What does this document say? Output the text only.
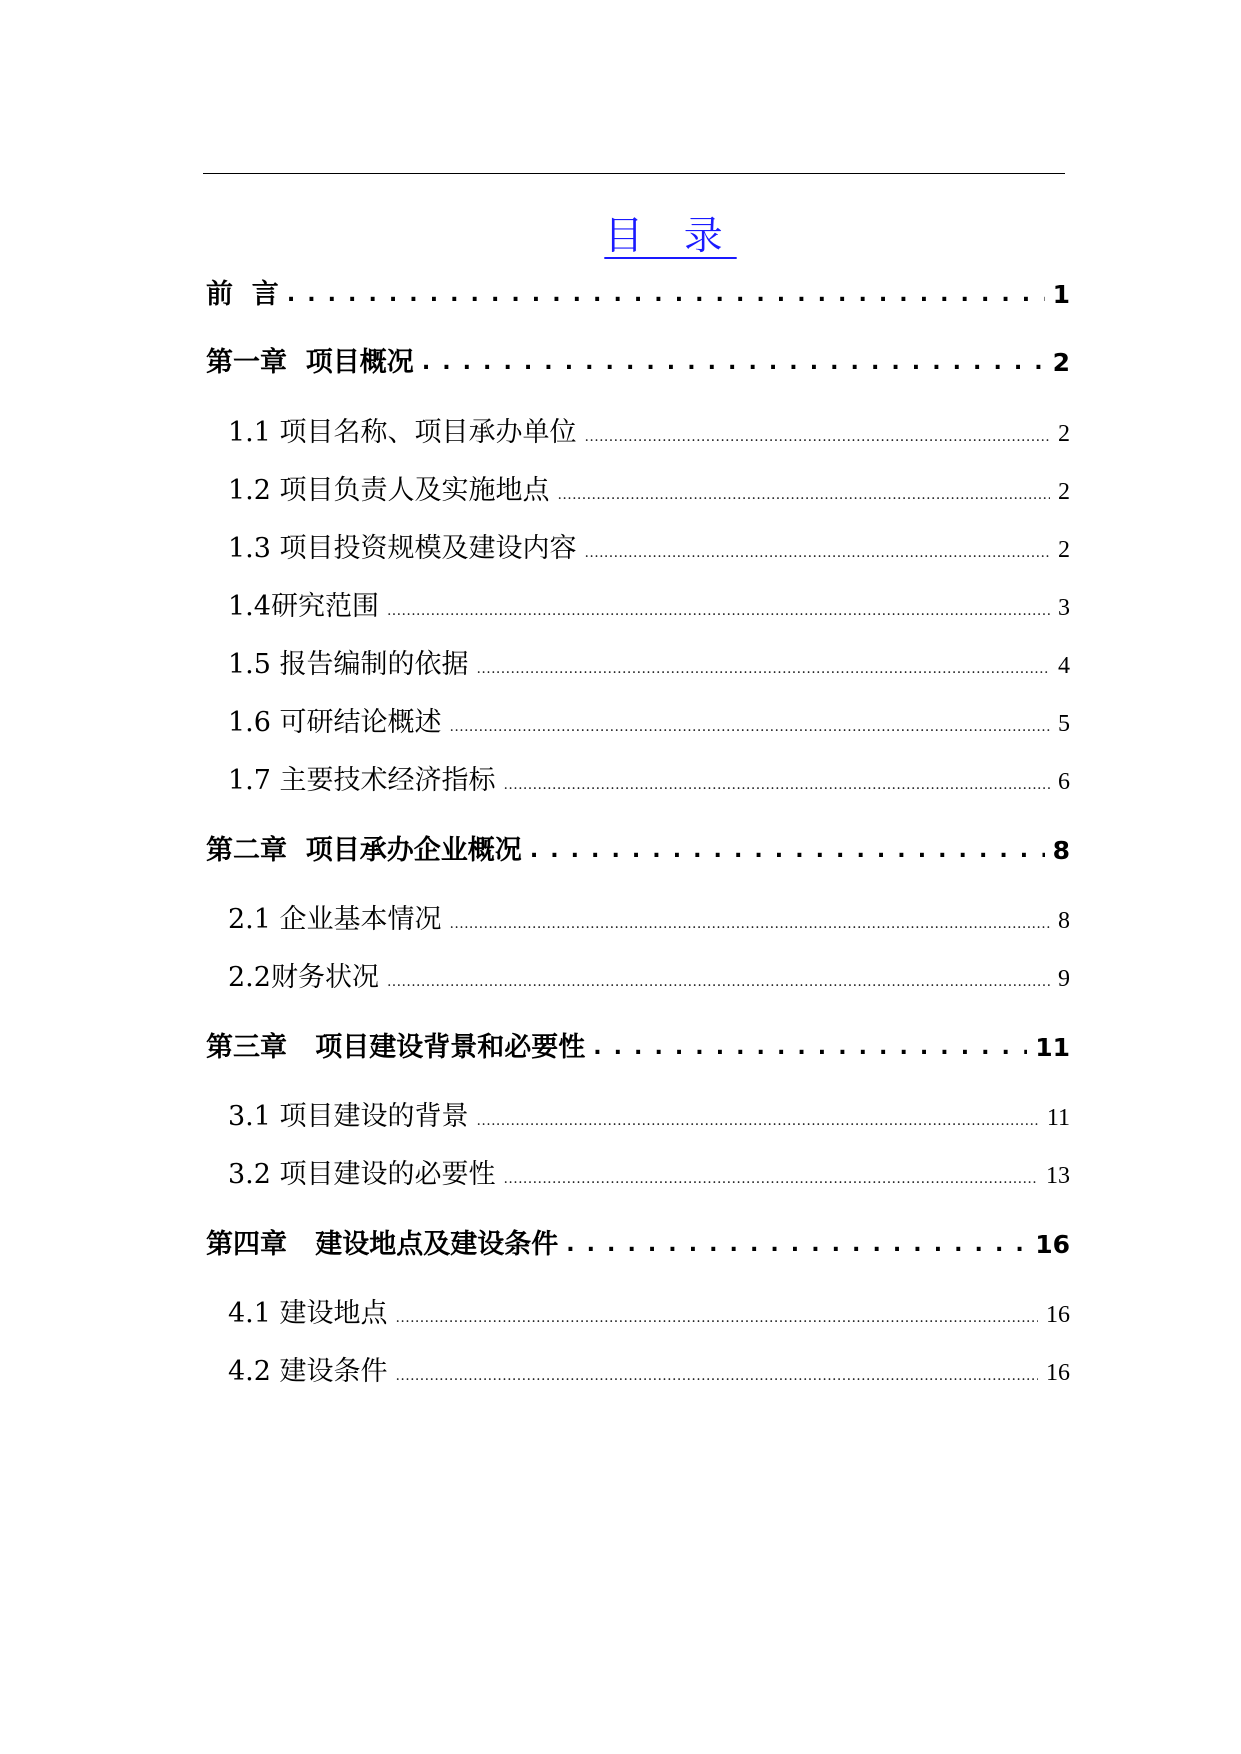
目 录
前  言 . . .	1
第一章  项目概况 . . .	2
1.1 项目名称、项目承办单位 .....	2
1.2 项目负责人及实施地点 .....	2
1.3 项目投资规模及建设内容 .....	2
1.4研究范围 .....	3
1.5 报告编制的依据 .....	4
1.6 可研结论概述 .....	5
1.7 主要技术经济指标 .....	6
第二章  项目承办企业概况 . . .	8
2.1 企业基本情况 .....	8
2.2财务状况 .....	9
第三章   项目建设背景和必要性 . . .	11
3.1 项目建设的背景 .....	11
3.2 项目建设的必要性 .....	13
第四章   建设地点及建设条件 . . .	16
4.1 建设地点 .....	16
4.2 建设条件 .....	16
